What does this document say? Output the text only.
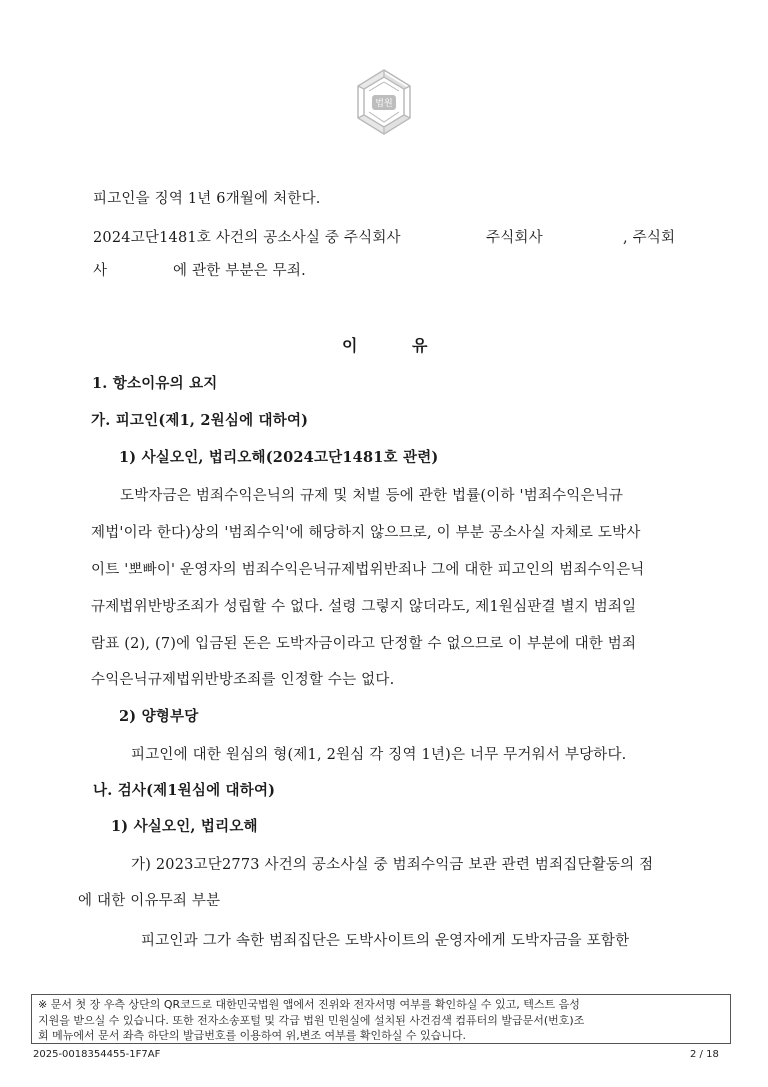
법원
피고인을 징역 1년 6개월에 처한다.
2024고단1481호 사건의 공소사실 중 주식회사	주식회사	, 주식회
사	에 관한 부분은 무죄.
이	유
1. 항소이유의 요지
가. 피고인(제1, 2원심에 대하여)
1) 사실오인, 법리오해(2024고단1481호 관련)
도박자금은 범죄수익은닉의 규제 및 처벌 등에 관한 법률(이하 '범죄수익은닉규
제법'이라 한다)상의 '범죄수익'에 해당하지 않으므로, 이 부분 공소사실 자체로 도박사
이트 '뽀빠이' 운영자의 범죄수익은닉규제법위반죄나 그에 대한 피고인의 범죄수익은닉
규제법위반방조죄가 성립할 수 없다. 설령 그렇지 않더라도, 제1원심판결 별지 범죄일
람표 (2), (7)에 입금된 돈은 도박자금이라고 단정할 수 없으므로 이 부분에 대한 범죄
수익은닉규제법위반방조죄를 인정할 수는 없다.
2) 양형부당
피고인에 대한 원심의 형(제1, 2원심 각 징역 1년)은 너무 무거워서 부당하다.
나. 검사(제1원심에 대하여)
1) 사실오인, 법리오해
가) 2023고단2773 사건의 공소사실 중 범죄수익금 보관 관련 범죄집단활동의 점
에 대한 이유무죄 부분
피고인과 그가 속한 범죄집단은 도박사이트의 운영자에게 도박자금을 포함한
※ 문서 첫 장 우측 상단의 QR코드로 대한민국법원 앱에서 진위와 전자서명 여부를 확인하실 수 있고, 텍스트 음성
지원을 받으실 수 있습니다. 또한 전자소송포털 및 각급 법원 민원실에 설치된 사건검색 컴퓨터의 발급문서(번호)조
회 메뉴에서 문서 좌측 하단의 발급번호를 이용하여 위,변조 여부를 확인하실 수 있습니다.
2025-0018354455-1F7AF	2 / 18
